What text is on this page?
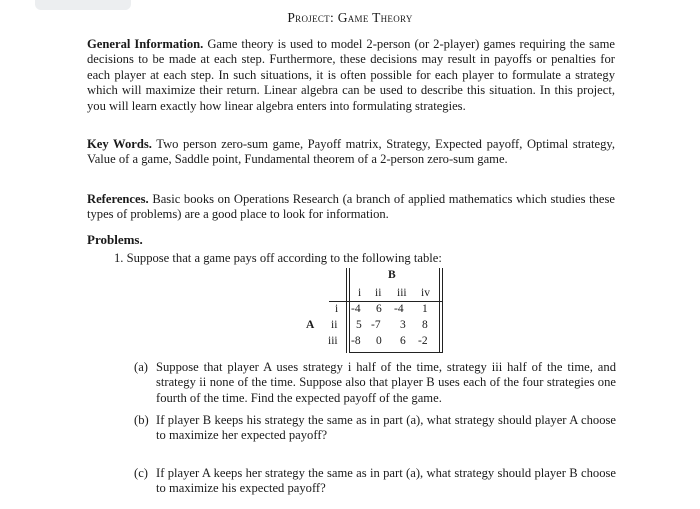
Project: Game Theory
General Information. Game theory is used to model 2-person (or 2-player) games requiring the same decisions to be made at each step. Furthermore, these decisions may result in payoffs or penalties for each player at each step. In such situations, it is often possible for each player to formulate a strategy which will maximize their return. Linear algebra can be used to describe this situation. In this project, you will learn exactly how linear algebra enters into formulating strategies.
Key Words. Two person zero-sum game, Payoff matrix, Strategy, Expected payoff, Optimal strategy, Value of a game, Saddle point, Fundamental theorem of a 2-person zero-sum game.
References. Basic books on Operations Research (a branch of applied mathematics which studies these types of problems) are a good place to look for information.
Problems.
1. Suppose that a game pays off according to the following table:
B
A
i ii iii iv
i
ii
iii
-4 6 -4 1
5 -7 3 8
-8 0 6 -2
(a) Suppose that player A uses strategy i half of the time, strategy iii half of the time, and strategy ii none of the time. Suppose also that player B uses each of the four strategies one fourth of the time. Find the expected payoff of the game.
(b) If player B keeps his strategy the same as in part (a), what strategy should player A choose to maximize her expected payoff?
(c) If player A keeps her strategy the same as in part (a), what strategy should player B choose to maximize his expected payoff?
